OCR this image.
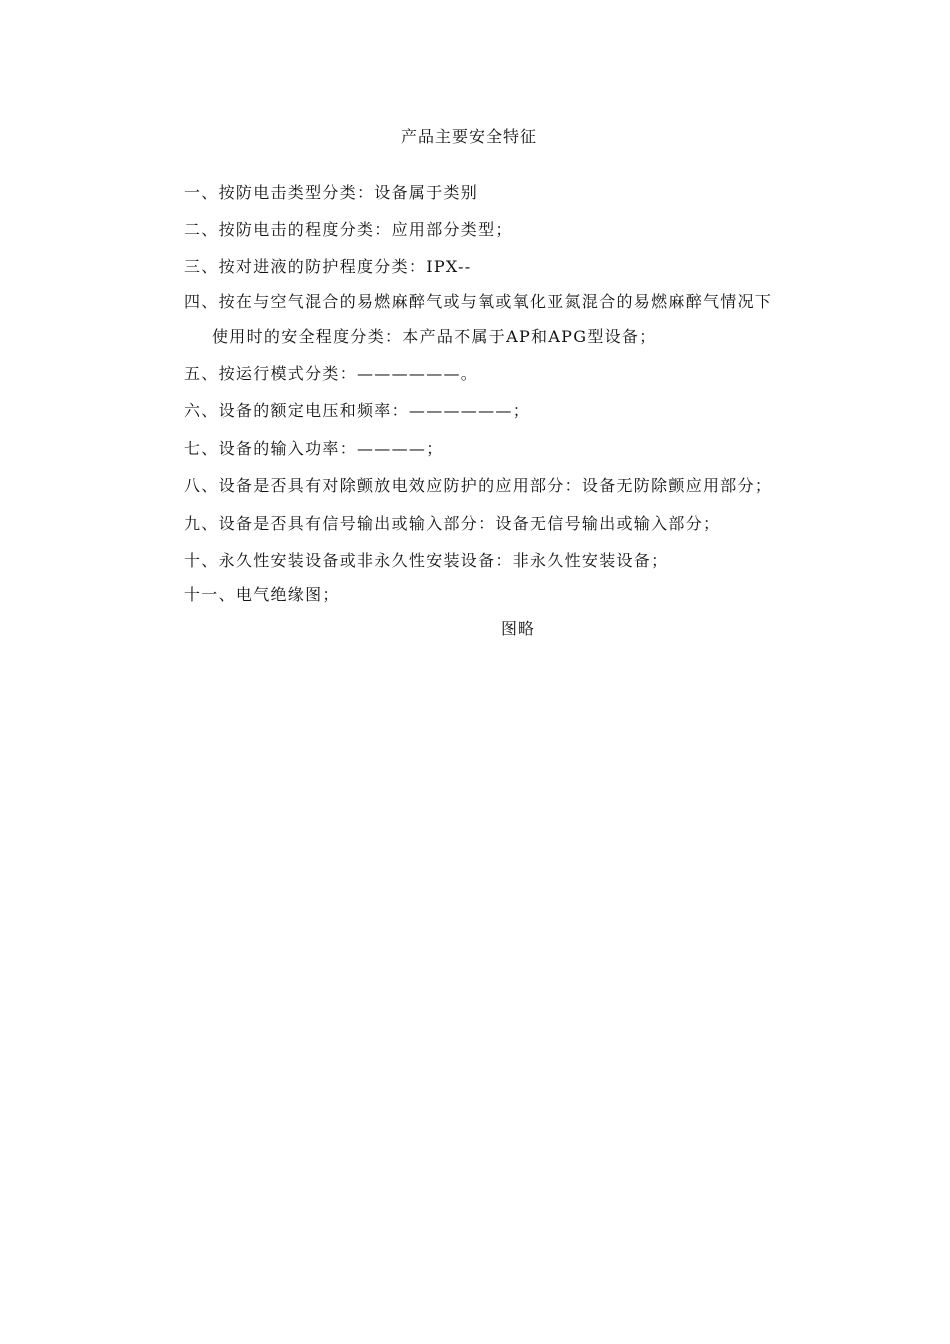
产品主要安全特征
一、按防电击类型分类：设备属于类别
二、按防电击的程度分类：应用部分类型；
三、按对进液的防护程度分类：IPX--
四、按在与空气混合的易燃麻醉气或与氧或氧化亚氮混合的易燃麻醉气情况下
使用时的安全程度分类：本产品不属于AP和APG型设备；
五、按运行模式分类：——————。
六、设备的额定电压和频率：——————；
七、设备的输入功率：————；
八、设备是否具有对除颤放电效应防护的应用部分：设备无防除颤应用部分；
九、设备是否具有信号输出或输入部分：设备无信号输出或输入部分；
十、永久性安装设备或非永久性安装设备：非永久性安装设备；
十一、电气绝缘图；
图略
